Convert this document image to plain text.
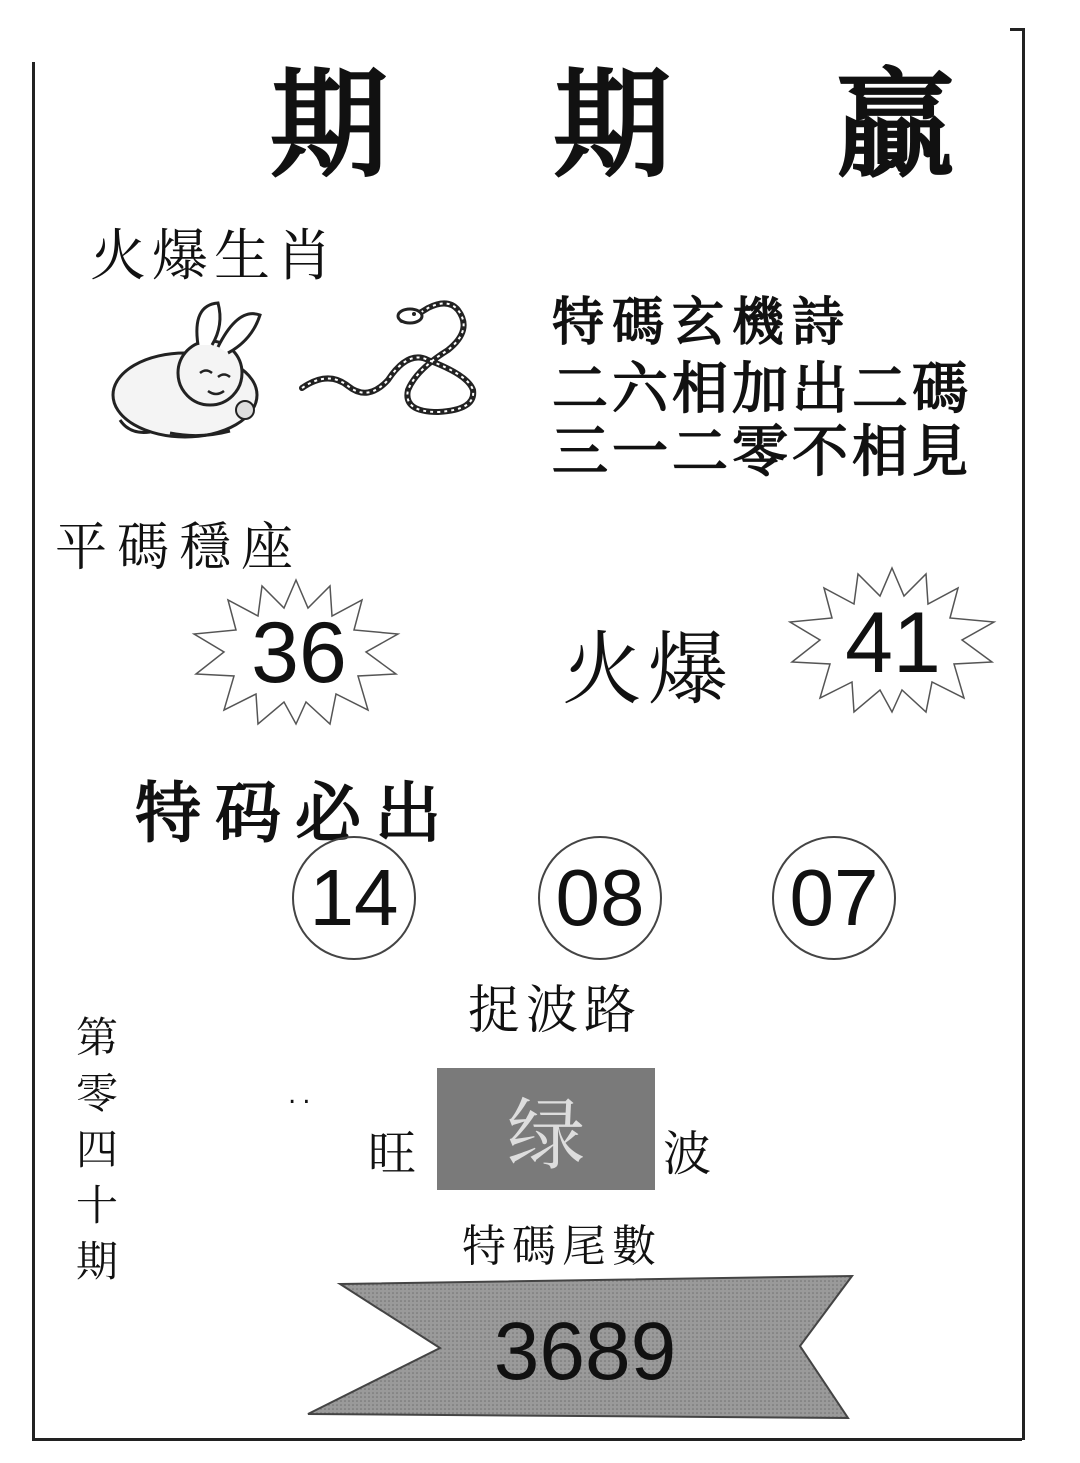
期 期 贏
火爆生肖
特碼玄機詩
二六相加出二碼
三一二零不相見
平碼穩座
36	火爆 41
特码必出
14 08 07
捉波路
第
零
四
十
期
..
旺 绿 波
特碼尾數
3689
